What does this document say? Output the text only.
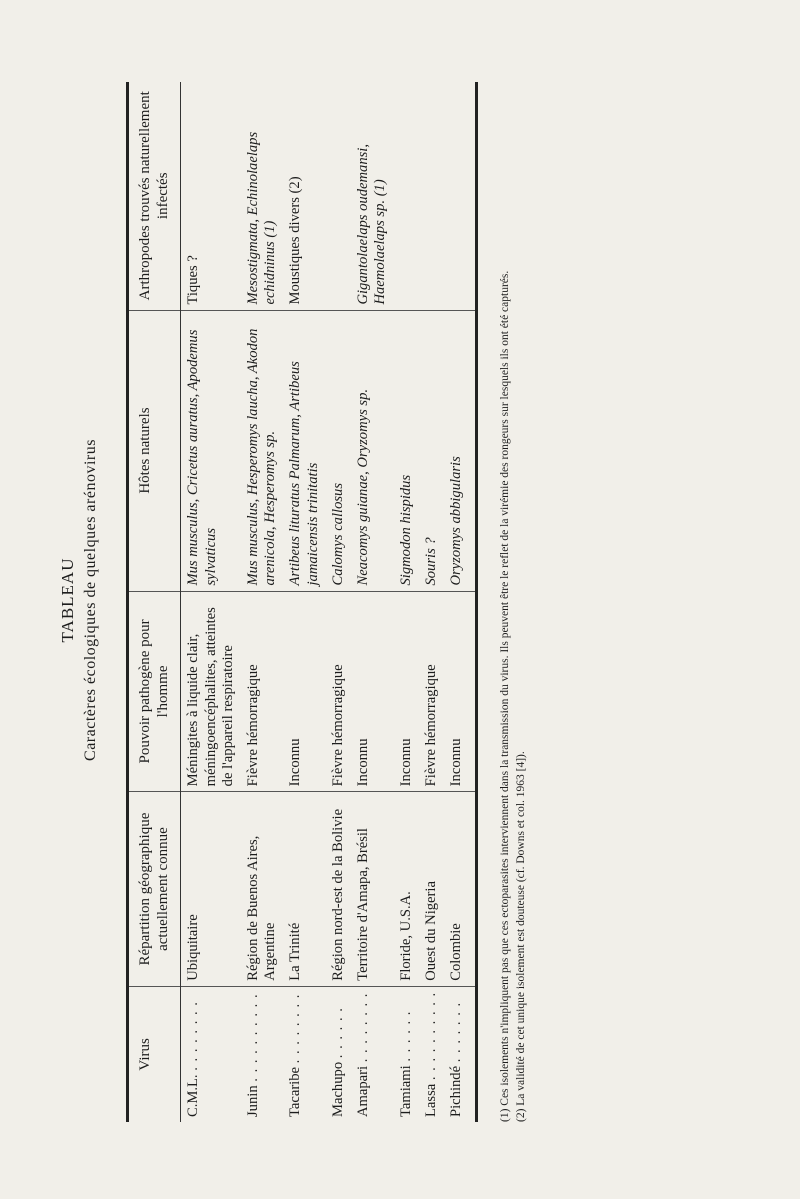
TABLEAU Caractères écologiques de quelques arénovirus
Virus	Répartition géographique actuellement connue	Pouvoir pathogène pour l'homme	Hôtes naturels	Arthropodes trouvés naturellement infectés
C.M.L. . . . . . . . .	Ubiquitaire	Méningites à liquide clair, méningoencéphalites, atteintes de l'appareil respiratoire	Mus musculus, Cricetus auratus, Apodemus sylvaticus	Tiques ?
Junin . . . . . . . . . .	Région de Buenos Aires, Argentine	Fièvre hémorragique	Mus musculus, Hesperomys laucha, Akodon arenicola, Hesperomys sp.	Mesostigmata, Echinolaelaps echidninus (1)
Tacaribe . . . . . . . .	La Trinité	Inconnu	Artibeus lituratus Palmarum, Artibeus jamaicensis trinitatis	Moustiques divers (2)
Machupo . . . . . .	Région nord-est de la Bolivie	Fièvre hémorragique	Calomys callosus	
Amapari . . . . . . . .	Territoire d'Amapa, Brésil	Inconnu	Neacomys guianae, Oryzomys sp.	Gigantolaelaps oudemansi, Haemolaelaps sp. (1)
Tamiami . . . . . .	Floride, U.S.A.	Inconnu	Sigmodon hispidus	
Lassa . . . . . . . . . .	Ouest du Nigeria	Fièvre hémorragique	Souris ?	
Pichindé . . . . . . .	Colombie	Inconnu	Oryzomys abbigularis		(1) Ces isolements n'impliquent pas que ces ectoparasites interviennent dans la transmission du virus. Ils peuvent être le reflet de la virémie des rongeurs sur lesquels ils ont été capturés. (2) La validité de cet unique isolement est douteuse (cf. Downs et col. 1963 [4]).
